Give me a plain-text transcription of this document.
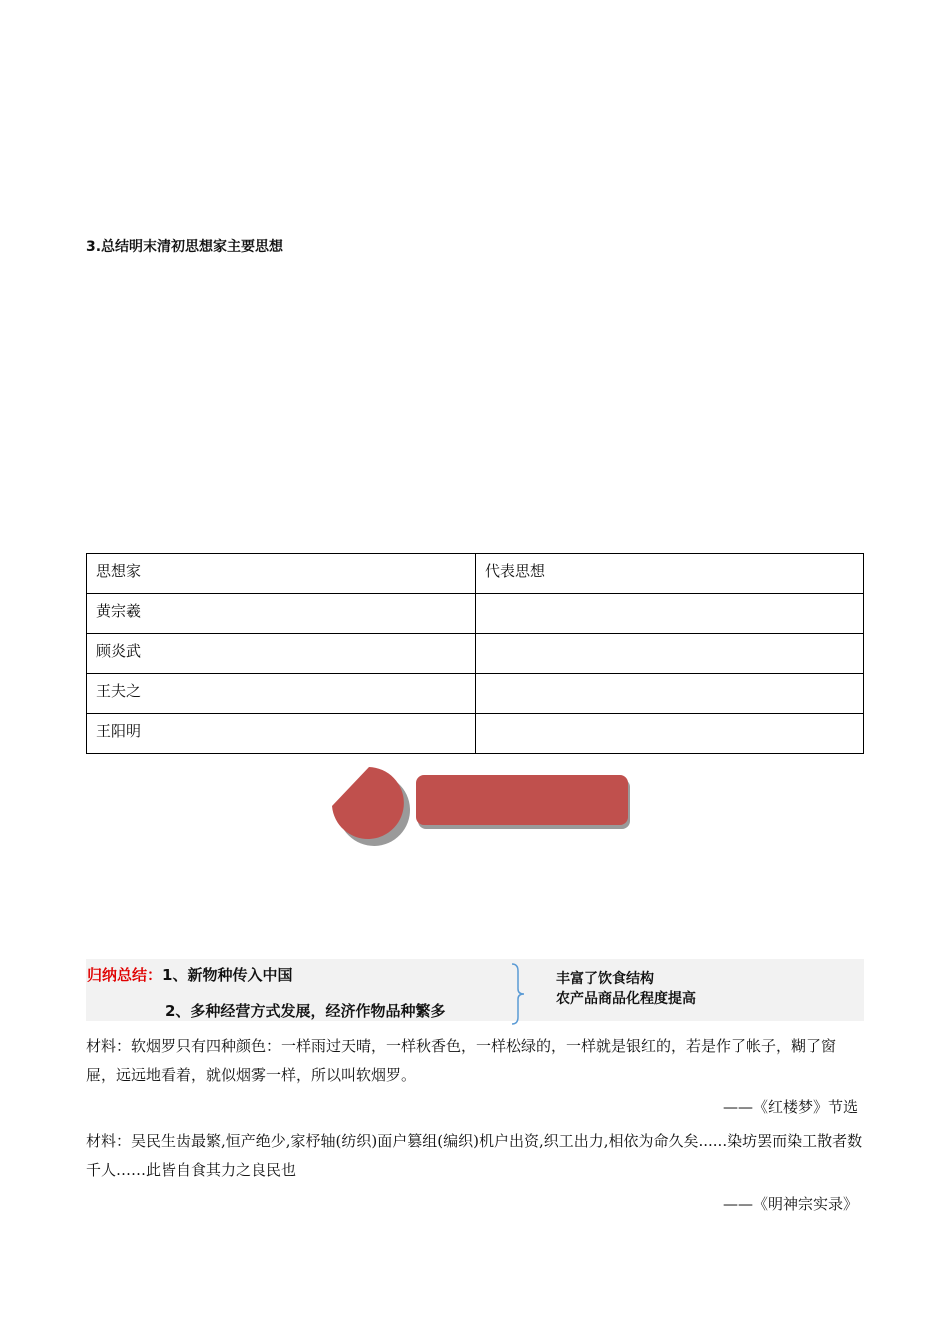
3.总结明末清初思想家主要思想
思想家	代表思想
黄宗羲	
顾炎武	
王夫之	
王阳明	
归纳总结：1、新物种传入中国
2、多种经营方式发展，经济作物品种繁多
丰富了饮食结构
农产品商品化程度提高
材料：软烟罗只有四种颜色：一样雨过天晴，一样秋香色，一样松绿的，一样就是银红的，若是作了帐子，糊了窗屉，远远地看着，就似烟雾一样，所以叫软烟罗。
——《红楼梦》节选
材料：吴民生齿最繁,恒产绝少,家杼轴(纺织)面户篡组(编织)机户出资,织工出力,相依为命久矣......染坊罢而染工散者数千人……此皆自食其力之良民也
——《明神宗实录》
